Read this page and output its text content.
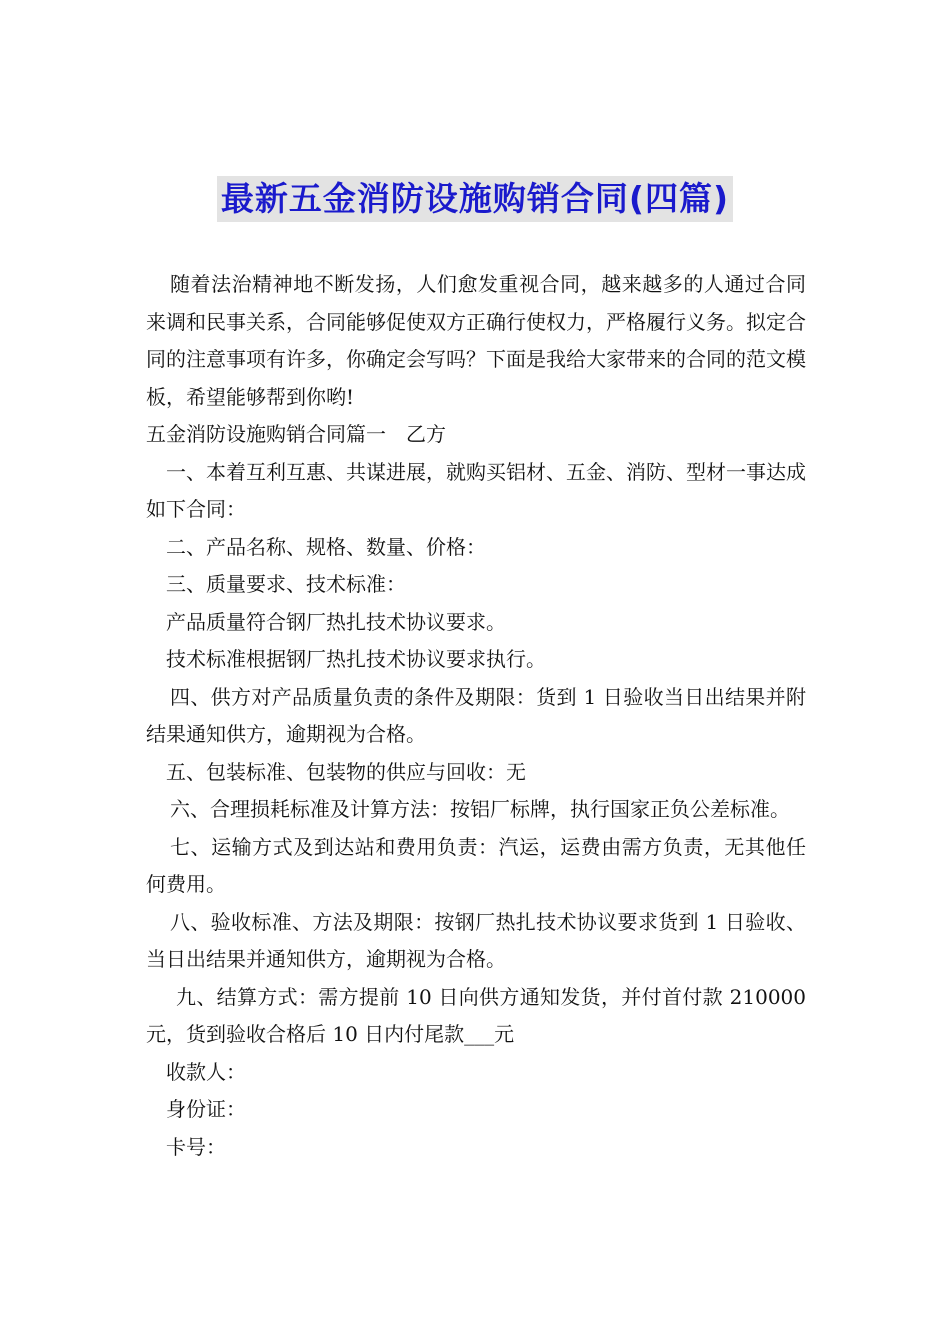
最新五金消防设施购销合同(四篇)

随着法治精神地不断发扬，人们愈发重视合同，越来越多的人通过合同来调和民事关系，合同能够促使双方正确行使权力，严格履行义务。拟定合同的注意事项有许多，你确定会写吗？下面是我给大家带来的合同的范文模板，希望能够帮到你哟!

五金消防设施购销合同篇一　乙方

一、本着互利互惠、共谋进展，就购买铝材、五金、消防、型材一事达成如下合同：

二、产品名称、规格、数量、价格：

三、质量要求、技术标准：

产品质量符合钢厂热扎技术协议要求。

技术标准根据钢厂热扎技术协议要求执行。

四、供方对产品质量负责的条件及期限：货到 1 日验收当日出结果并附结果通知供方，逾期视为合格。

五、包装标准、包装物的供应与回收：无

六、合理损耗标准及计算方法：按铝厂标牌，执行国家正负公差标准。

七、运输方式及到达站和费用负责：汽运，运费由需方负责，无其他任何费用。

八、验收标准、方法及期限：按钢厂热扎技术协议要求货到 1 日验收、当日出结果并通知供方，逾期视为合格。

九、结算方式：需方提前 10 日向供方通知发货，并付首付款 210000 元，货到验收合格后 10 日内付尾款___元

收款人：

身份证：

卡号：
